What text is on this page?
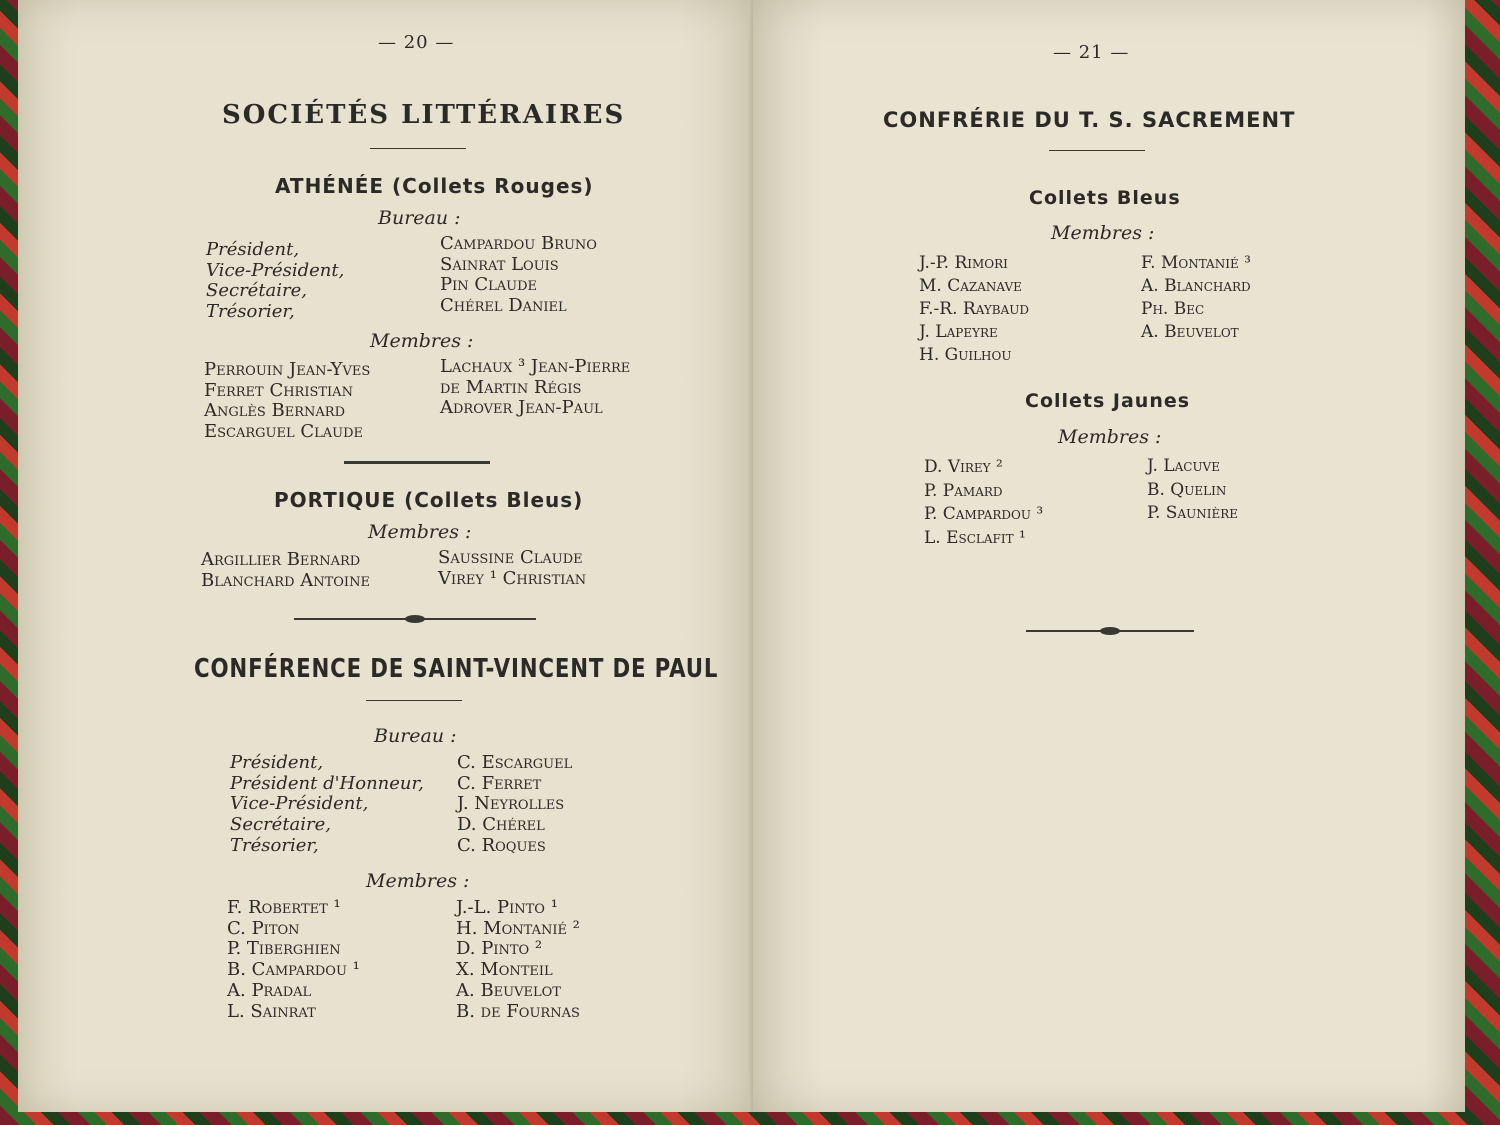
— 20 —

SOCIÉTÉS LITTÉRAIRES
ATHÉNÉE (Collets Rouges)

Bureau :

Président,
Vice-Président,
Secrétaire,
Trésorier,
Campardou Bruno
Sainrat Louis
Pin Claude
Chérel Daniel

Membres :

Perrouin Jean-Yves
Ferret Christian
Anglès Bernard
Escarguel Claude
Lachaux ³ Jean-Pierre
de Martin Régis
Adrover Jean-Paul
PORTIQUE (Collets Bleus)

Membres :

Argillier Bernard
Blanchard Antoine
Saussine Claude
Virey ¹ Christian
CONFÉRENCE DE SAINT-VINCENT DE PAUL

Bureau :

Président,
Président d'Honneur,
Vice-Président,
Secrétaire,
Trésorier,
C. Escarguel
C. Ferret
J. Neyrolles
D. Chérel
C. Roques

Membres :

F. Robertet ¹
C. Piton
P. Tiberghien
B. Campardou ¹
A. Pradal
L. Sainrat
J.-L. Pinto ¹
H. Montanié ²
D. Pinto ²
X. Monteil
A. Beuvelot
B. de Fournas

— 21 —

CONFRÉRIE DU T. S. SACREMENT
Collets Bleus

Membres :

J.-P. Rimori
M. Cazanave
F.-R. Raybaud
J. Lapeyre
H. Guilhou
F. Montanié ³
A. Blanchard
Ph. Bec
A. Beuvelot
Collets Jaunes

Membres :

D. Virey ²
P. Pamard
P. Campardou ³
L. Esclafit ¹
J. Lacuve
B. Quelin
P. Saunière
